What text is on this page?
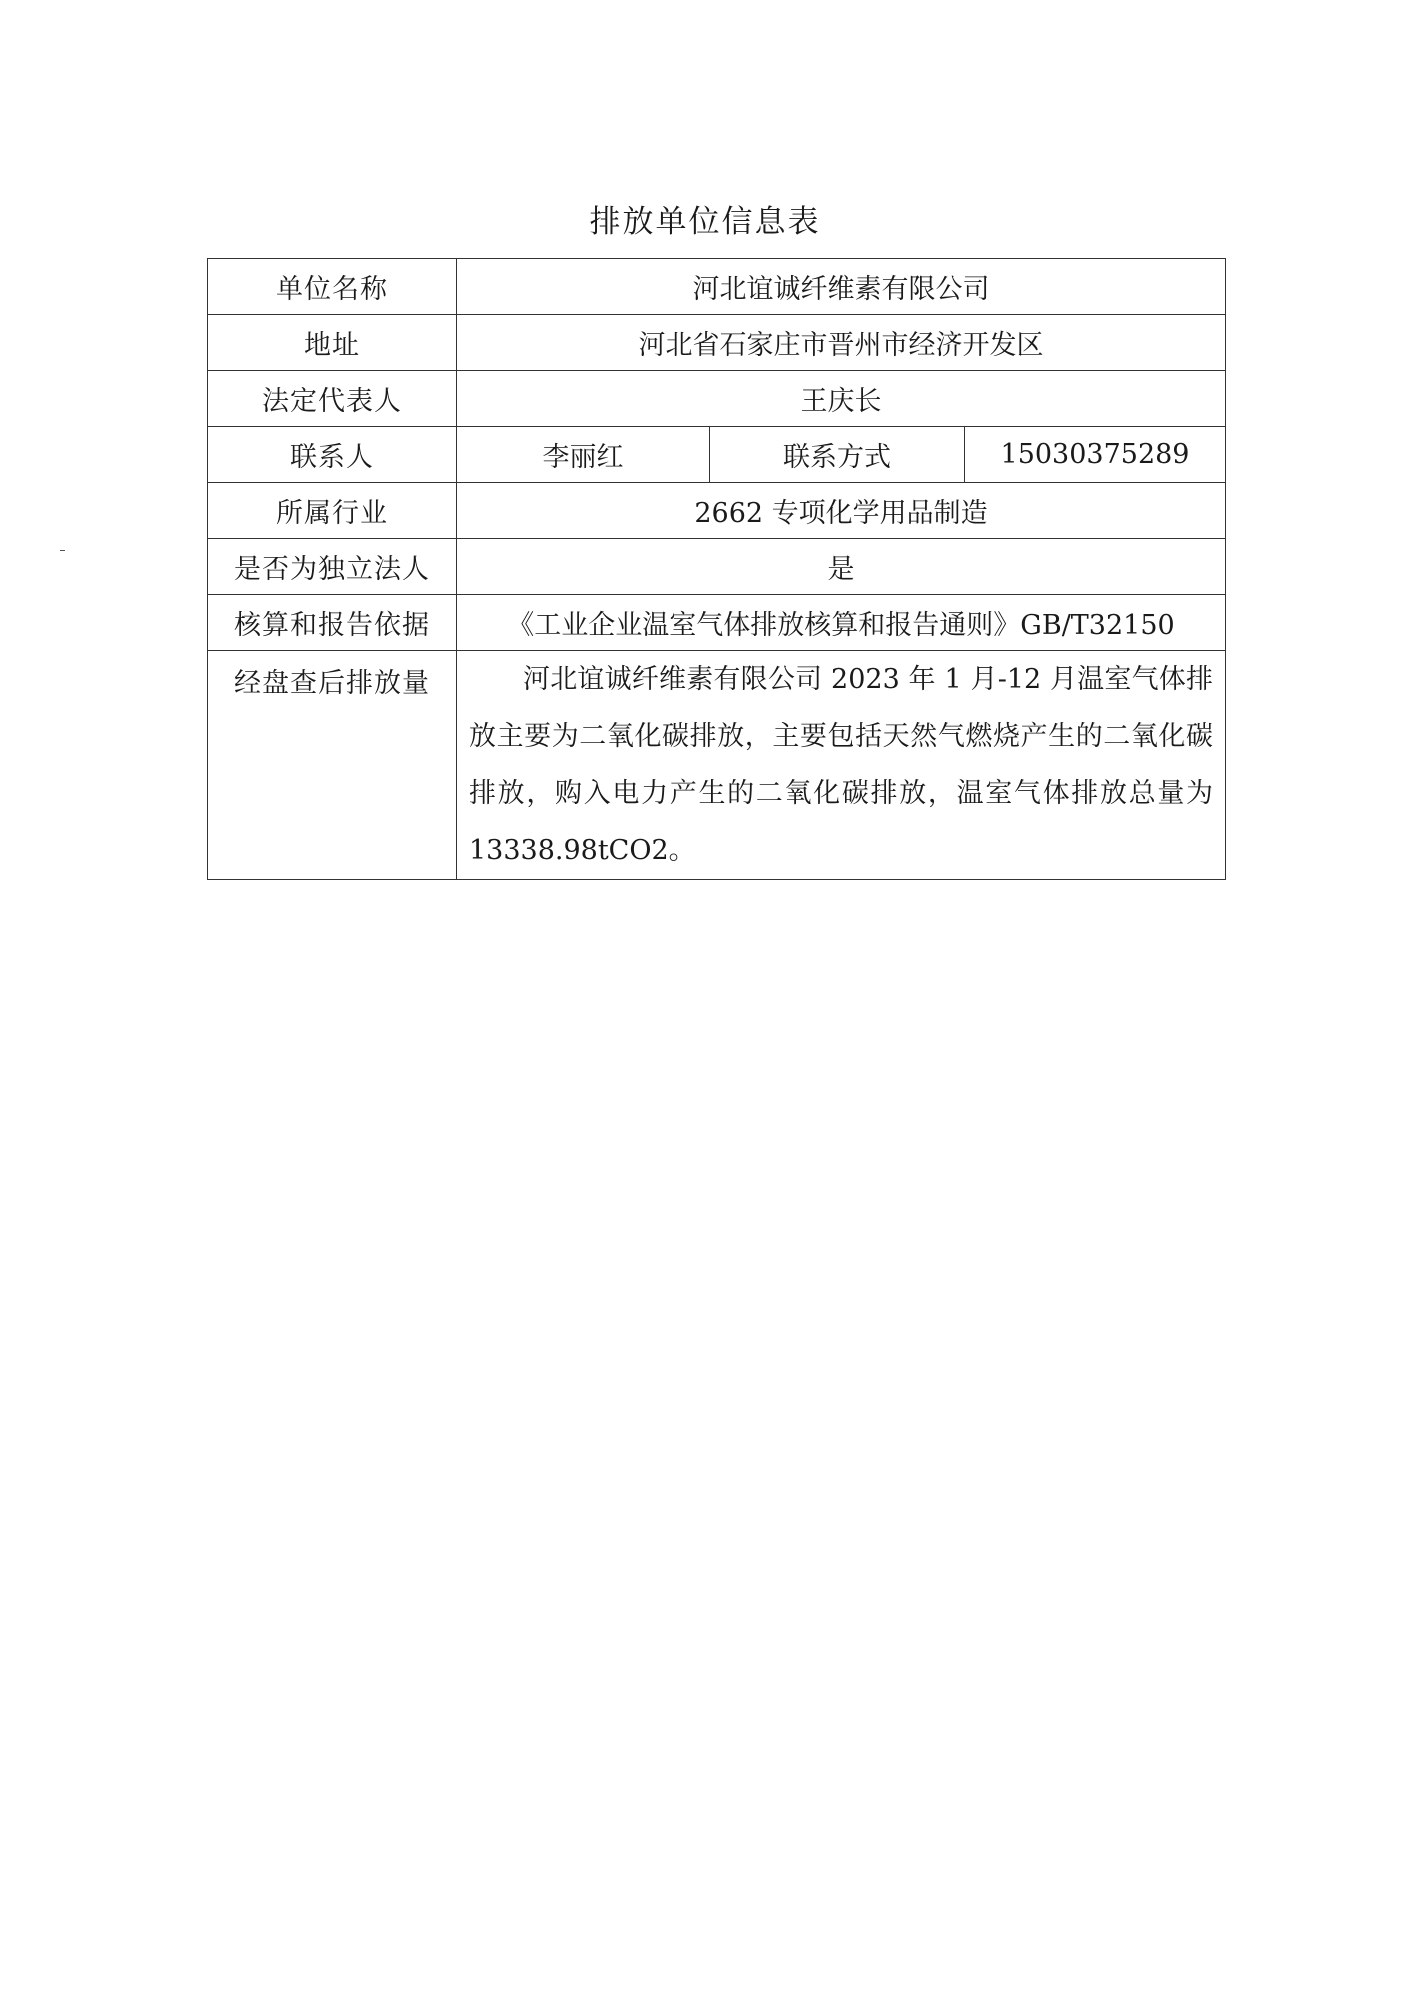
排放单位信息表
单位名称	河北谊诚纤维素有限公司		
地址	河北省石家庄市晋州市经济开发区		
法定代表人	王庆长		
联系人	李丽红	联系方式	15030375289
所属行业	2662 专项化学用品制造		
是否为独立法人	是		
核算和报告依据	《工业企业温室气体排放核算和报告通则》GB/T32150		
经盘查后排放量	河北谊诚纤维素有限公司 2023 年 1 月-12 月温室气体排放主要为二氧化碳排放，主要包括天然气燃烧产生的二氧化碳排放，购入电力产生的二氧化碳排放，温室气体排放总量为 13338.98tCO2。		
